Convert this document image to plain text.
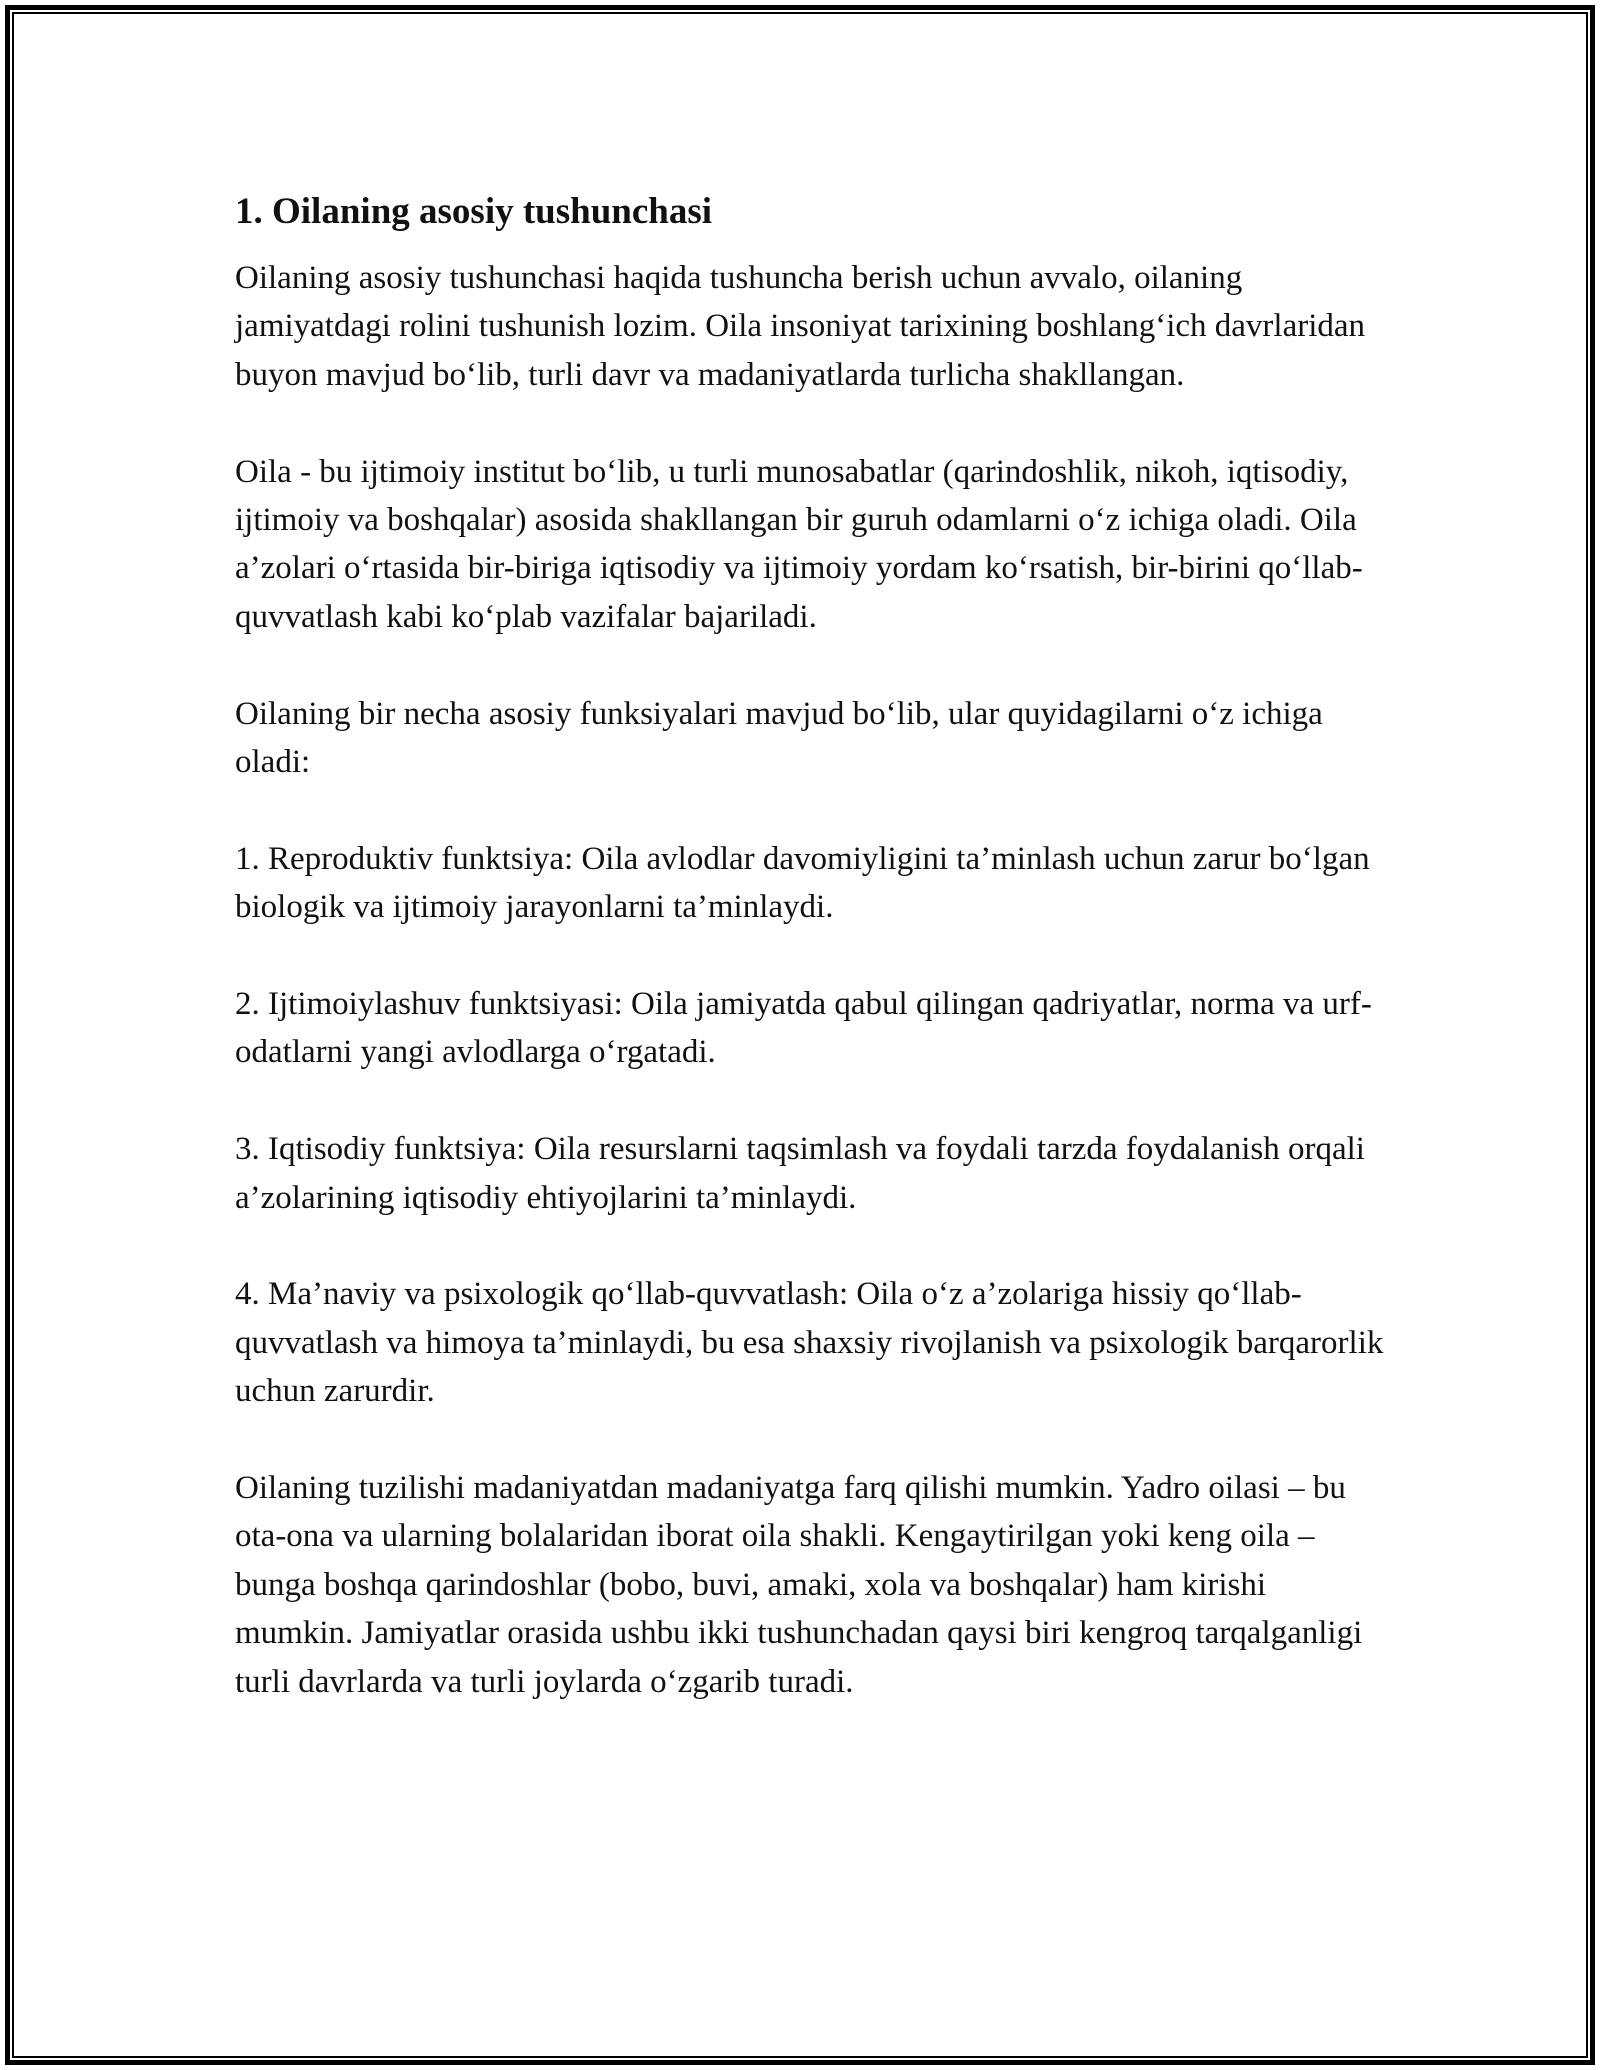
1. Oilaning asosiy tushunchasi

Oilaning asosiy tushunchasi haqida tushuncha berish uchun avvalo, oilaning jamiyatdagi rolini tushunish lozim. Oila insoniyat tarixining boshlang‘ich davrlaridan buyon mavjud bo‘lib, turli davr va madaniyatlarda turlicha shakllangan.

Oila - bu ijtimoiy institut bo‘lib, u turli munosabatlar (qarindoshlik, nikoh, iqtisodiy, ijtimoiy va boshqalar) asosida shakllangan bir guruh odamlarni o‘z ichiga oladi. Oila a’zolari o‘rtasida bir-biriga iqtisodiy va ijtimoiy yordam ko‘rsatish, bir-birini qo‘llab-quvvatlash kabi ko‘plab vazifalar bajariladi.

Oilaning bir necha asosiy funksiyalari mavjud bo‘lib, ular quyidagilarni o‘z ichiga oladi:

1. Reproduktiv funktsiya: Oila avlodlar davomiyligini ta’minlash uchun zarur bo‘lgan biologik va ijtimoiy jarayonlarni ta’minlaydi.

2. Ijtimoiylashuv funktsiyasi: Oila jamiyatda qabul qilingan qadriyatlar, norma va urf-odatlarni yangi avlodlarga o‘rgatadi.

3. Iqtisodiy funktsiya: Oila resurslarni taqsimlash va foydali tarzda foydalanish orqali a’zolarining iqtisodiy ehtiyojlarini ta’minlaydi.

4. Ma’naviy va psixologik qo‘llab-quvvatlash: Oila o‘z a’zolariga hissiy qo‘llab-quvvatlash va himoya ta’minlaydi, bu esa shaxsiy rivojlanish va psixologik barqarorlik uchun zarurdir.

Oilaning tuzilishi madaniyatdan madaniyatga farq qilishi mumkin. Yadro oilasi – bu ota-ona va ularning bolalaridan iborat oila shakli. Kengaytirilgan yoki keng oila – bunga boshqa qarindoshlar (bobo, buvi, amaki, xola va boshqalar) ham kirishi mumkin. Jamiyatlar orasida ushbu ikki tushunchadan qaysi biri kengroq tarqalganligi turli davrlarda va turli joylarda o‘zgarib turadi.
